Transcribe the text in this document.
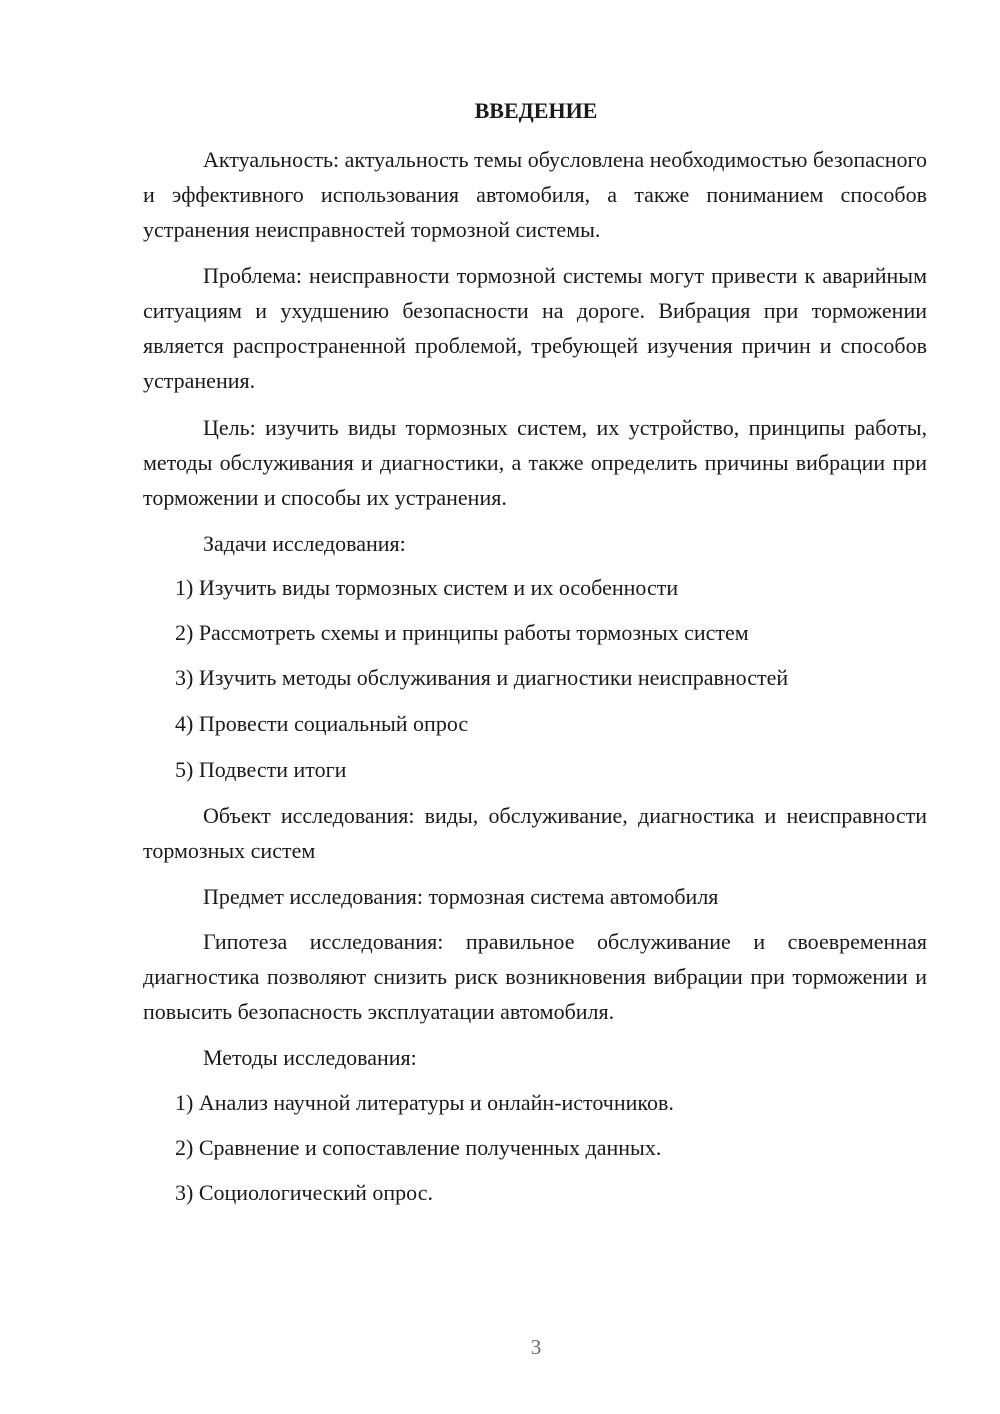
ВВЕДЕНИЕ

Актуальность: актуальность темы обусловлена необходимостью безопасного и эффективного использования автомобиля, а также пониманием способов устранения неисправностей тормозной системы.

Проблема: неисправности тормозной системы могут привести к аварийным ситуациям и ухудшению безопасности на дороге. Вибрация при торможении является распространенной проблемой, требующей изучения причин и способов устранения.

Цель: изучить виды тормозных систем, их устройство, принципы работы, методы обслуживания и диагностики, а также определить причины вибрации при торможении и способы их устранения.

Задачи исследования:

1) Изучить виды тормозных систем и их особенности

2) Рассмотреть схемы и принципы работы тормозных систем

3) Изучить методы обслуживания и диагностики неисправностей

4) Провести социальный опрос

5) Подвести итоги

Объект исследования: виды, обслуживание, диагностика и неисправности тормозных систем

Предмет исследования: тормозная система автомобиля

Гипотеза исследования: правильное обслуживание и своевременная диагностика позволяют снизить риск возникновения вибрации при торможении и повысить безопасность эксплуатации автомобиля.

Методы исследования:

1) Анализ научной литературы и онлайн-источников.

2) Сравнение и сопоставление полученных данных.

3) Социологический опрос.

3
